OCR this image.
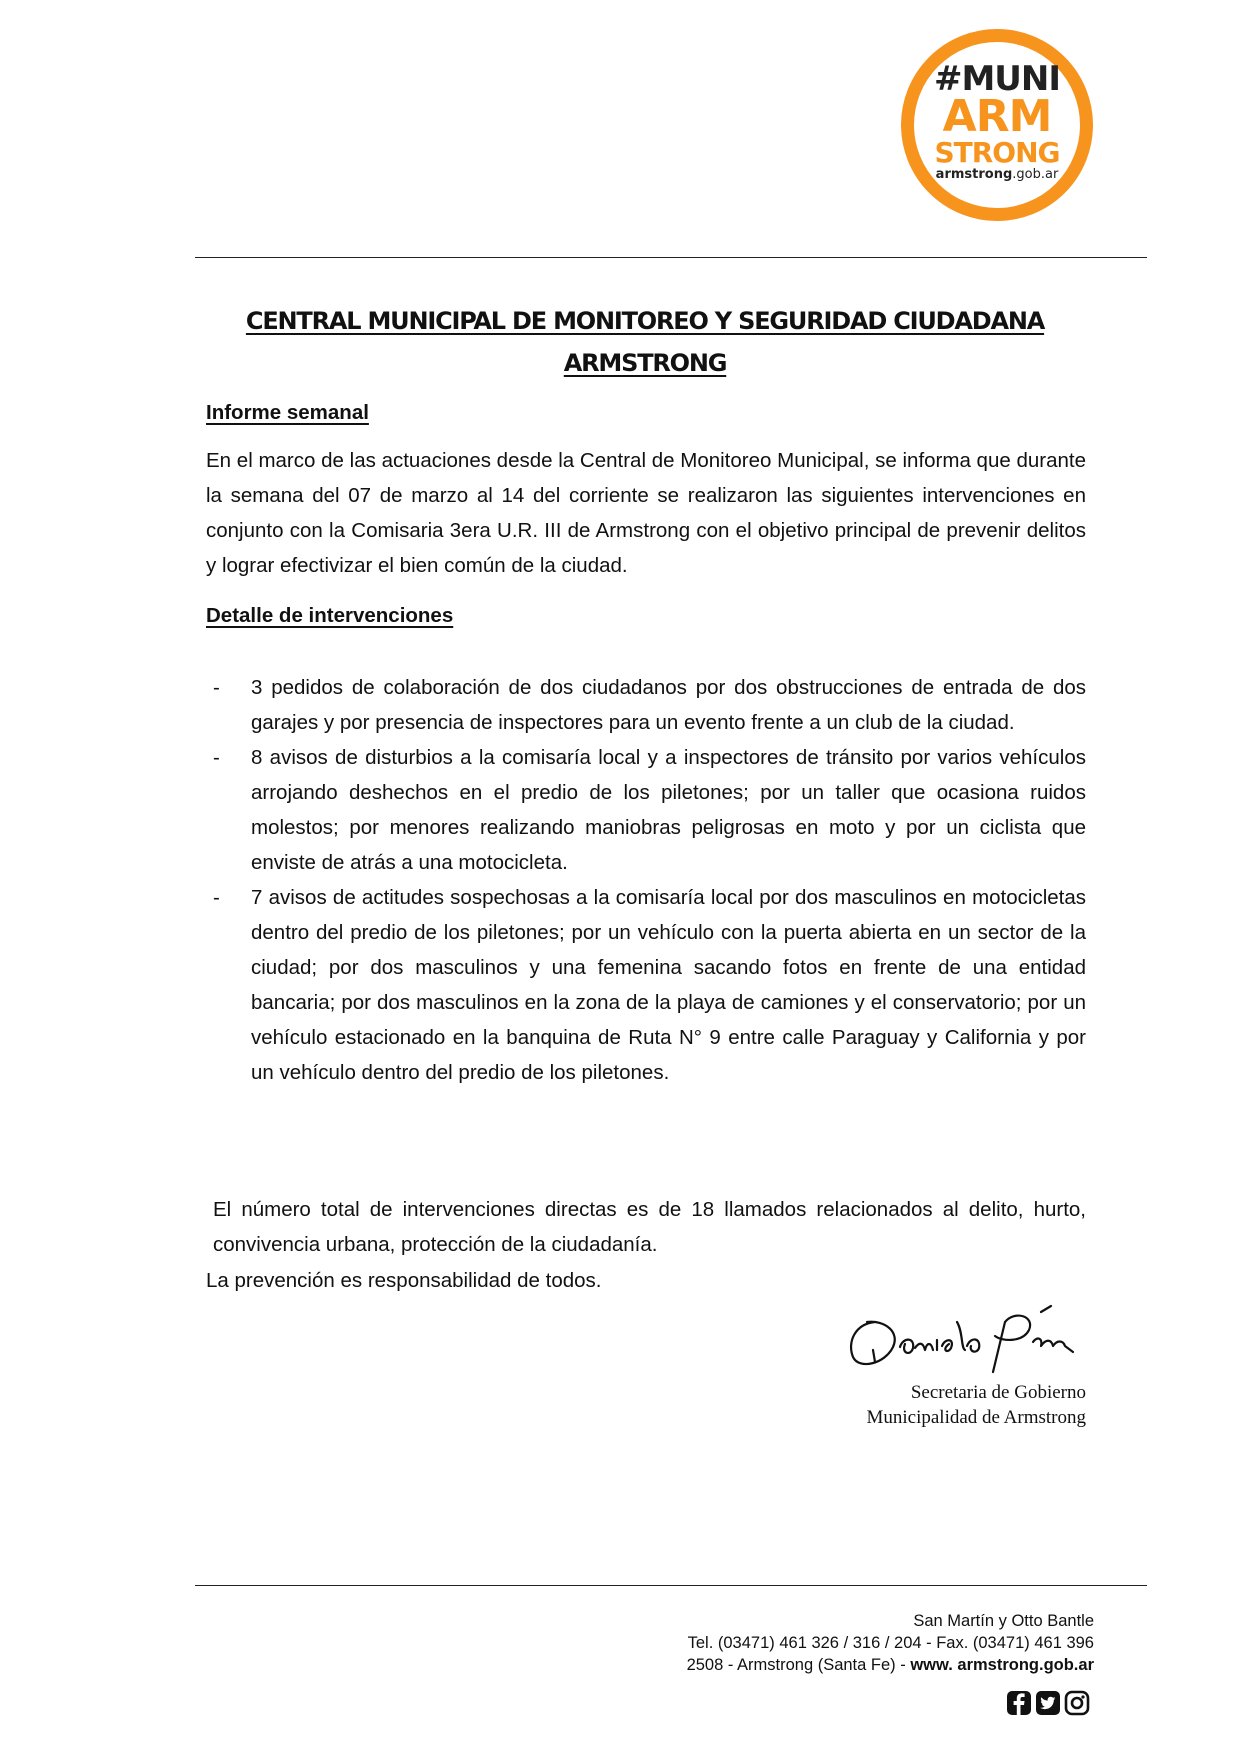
#MUNI
ARM
STRONG
armstrong.gob.ar
CENTRAL MUNICIPAL DE MONITOREO Y SEGURIDAD CIUDADANA
ARMSTRONG
Informe semanal
En el marco de las actuaciones desde la Central de Monitoreo Municipal, se informa que durante la semana del 07 de marzo al 14 del corriente se realizaron las siguientes intervenciones en conjunto con la Comisaria 3era U.R. III de Armstrong con el objetivo principal de prevenir delitos y lograr efectivizar el bien común de la ciudad.
Detalle de intervenciones
- 3 pedidos de colaboración de dos ciudadanos por dos obstrucciones de entrada de dos garajes y por presencia de inspectores para un evento frente a un club de la ciudad.
- 8 avisos de disturbios a la comisaría local y a inspectores de tránsito por varios vehículos arrojando deshechos en el predio de los piletones; por un taller que ocasiona ruidos molestos; por menores realizando maniobras peligrosas en moto y por un ciclista que enviste de atrás a una motocicleta.
- 7 avisos de actitudes sospechosas a la comisaría local por dos masculinos en motocicletas dentro del predio de los piletones; por un vehículo con la puerta abierta en un sector de la ciudad; por dos masculinos y una femenina sacando fotos en frente de una entidad bancaria; por dos masculinos en la zona de la playa de camiones y el conservatorio; por un vehículo estacionado en la banquina de Ruta N° 9 entre calle Paraguay y California y por un vehículo dentro del predio de los piletones.
El número total de intervenciones directas es de 18 llamados relacionados al delito, hurto, convivencia urbana, protección de la ciudadanía.
La prevención es responsabilidad de todos.
Secretaria de Gobierno
Municipalidad de Armstrong
San Martín y Otto Bantle
Tel. (03471) 461 326 / 316 / 204 - Fax. (03471) 461 396
2508 - Armstrong (Santa Fe) - www. armstrong.gob.ar
